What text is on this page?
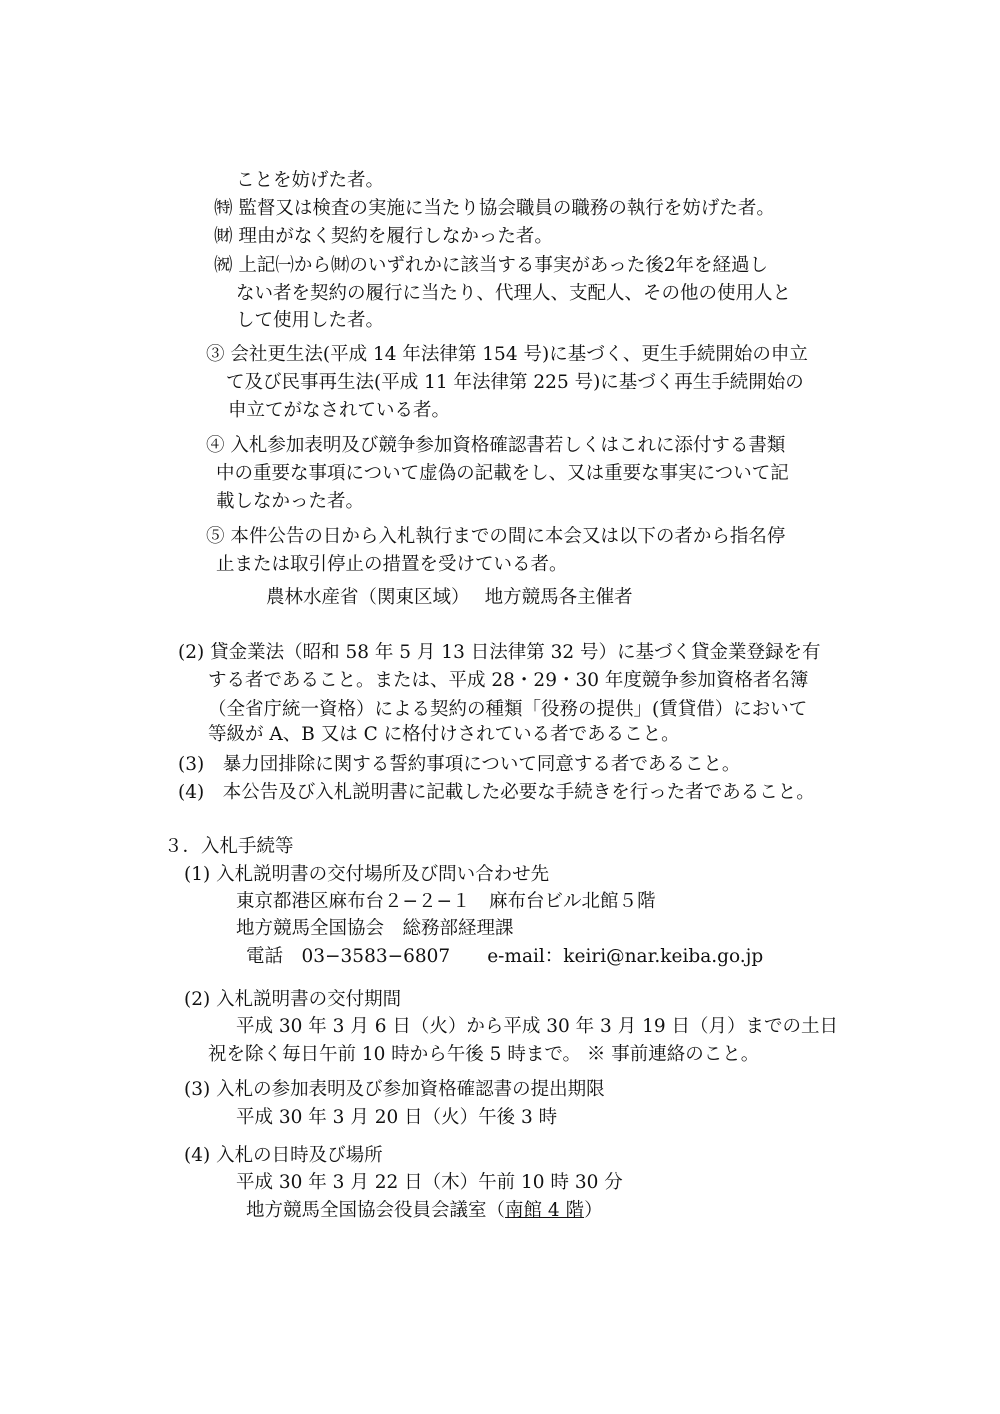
ことを妨げた者。
㈵ 監督又は検査の実施に当たり協会職員の職務の執行を妨げた者。
㈶ 理由がなく契約を履行しなかった者。
㈷ 上記㈠から㈶のいずれかに該当する事実があった後2年を経過し
ない者を契約の履行に当たり、代理人、支配人、その他の使用人と
して使用した者。
③ 会社更生法(平成 14 年法律第 154 号)に基づく、更生手続開始の申立
て及び民事再生法(平成 11 年法律第 225 号)に基づく再生手続開始の
申立てがなされている者。
④ 入札参加表明及び競争参加資格確認書若しくはこれに添付する書類
中の重要な事項について虚偽の記載をし、又は重要な事実について記
載しなかった者。
⑤ 本件公告の日から入札執行までの間に本会又は以下の者から指名停
止または取引停止の措置を受けている者。
農林水産省（関東区域）　 地方競馬各主催者
(2) 貸金業法（昭和 58 年 5 月 13 日法律第 32 号）に基づく貸金業登録を有
する者であること。または、平成 28・29・30 年度競争参加資格者名簿
（全省庁統一資格）による契約の種類「役務の提供」(賃貸借）において
等級が A、B 又は C に格付けされている者であること。
(3)　暴力団排除に関する誓約事項について同意する者であること。
(4)　本公告及び入札説明書に記載した必要な手続きを行った者であること。
３．入札手続等
(1) 入札説明書の交付場所及び問い合わせ先
東京都港区麻布台２−２−１　麻布台ビル北館５階
地方競馬全国協会　総務部経理課
電話　03−3583−6807　　e-mail：keiri@nar.keiba.go.jp
(2) 入札説明書の交付期間
平成 30 年 3 月 6 日（火）から平成 30 年 3 月 19 日（月）までの土日
祝を除く毎日午前 10 時から午後 5 時まで。 ※ 事前連絡のこと。
(3) 入札の参加表明及び参加資格確認書の提出期限
平成 30 年 3 月 20 日（火）午後 3 時
(4) 入札の日時及び場所
平成 30 年 3 月 22 日（木）午前 10 時 30 分
地方競馬全国協会役員会議室（南館 4 階）
